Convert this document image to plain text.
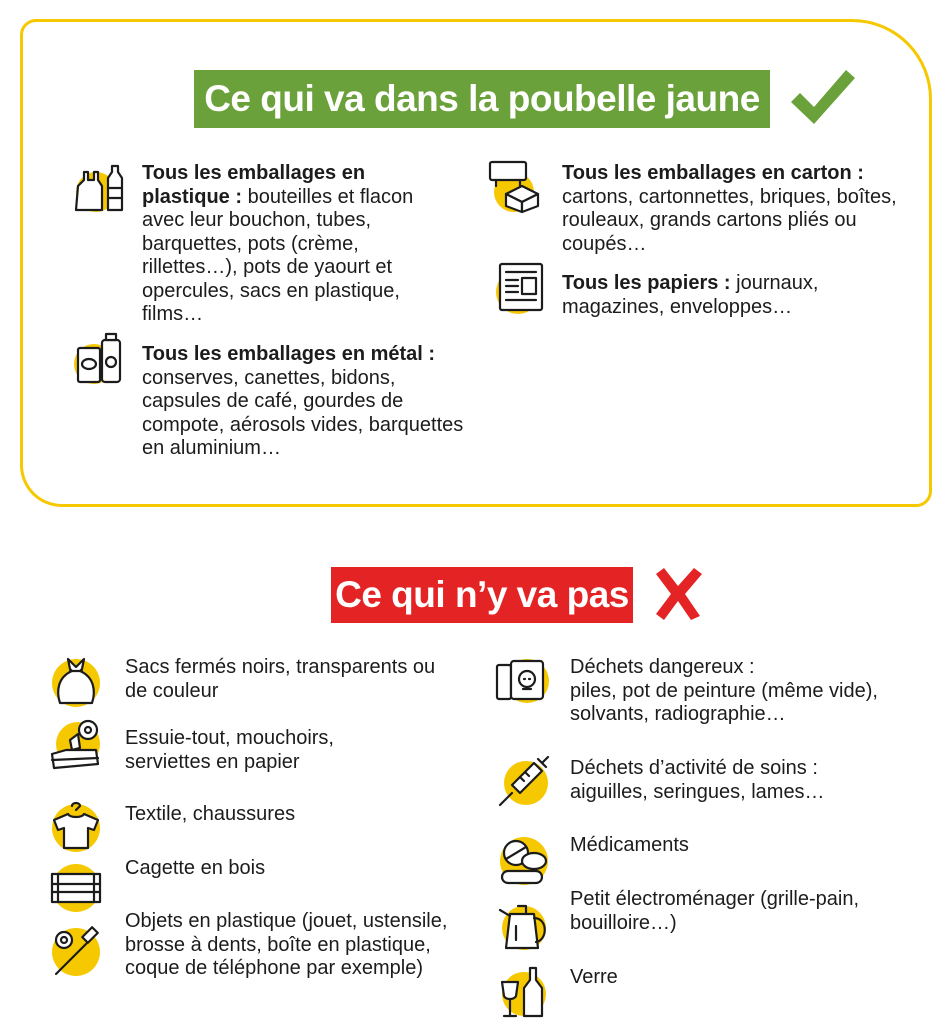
Ce qui va dans la poubelle jaune
Tous les emballages en plastique : bouteilles et flacon avec leur bouchon, tubes, barquettes, pots (crème, rillettes…), pots de yaourt et opercules, sacs en plastique, films…
Tous les emballages en métal : conserves, canettes, bidons, capsules de café, gourdes de compote, aérosols vides, barquettes en aluminium…
Tous les emballages en carton : cartons, cartonnettes, briques, boîtes, rouleaux, grands cartons pliés ou coupés…
Tous les papiers : journaux, magazines, enveloppes…
Ce qui n’y va pas
Sacs fermés noirs, transparents ou de couleur
Essuie-tout, mouchoirs, serviettes en papier
Textile, chaussures
Cagette en bois
Objets en plastique (jouet, ustensile, brosse à dents, boîte en plastique, coque de téléphone par exemple)
Déchets dangereux :
piles, pot de peinture (même vide), solvants, radiographie…
Déchets d’activité de soins : aiguilles, seringues, lames…
Médicaments
Petit électroménager (grille-pain, bouilloire…)
Verre
